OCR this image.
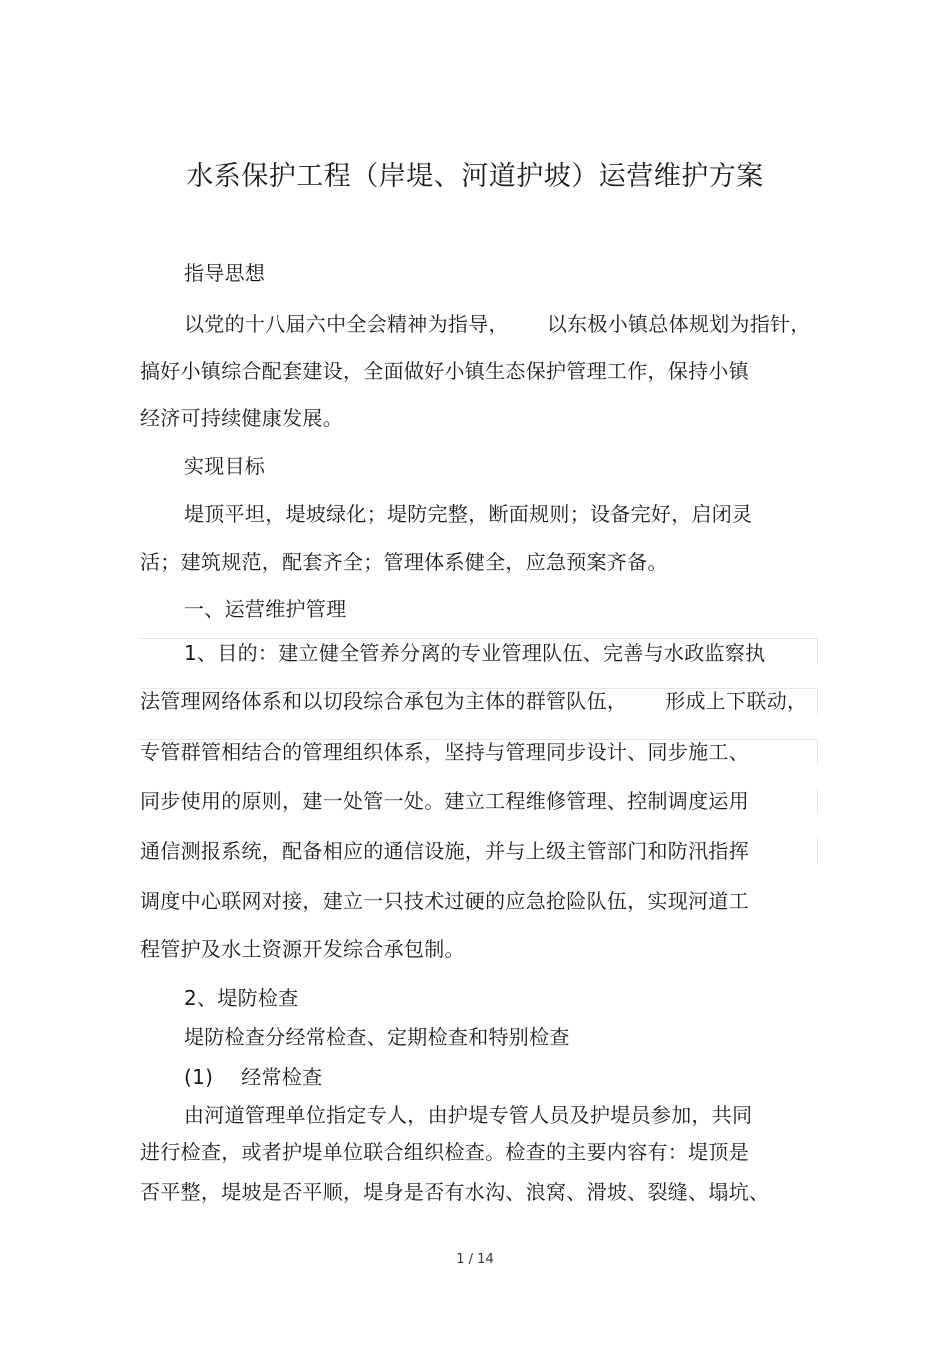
水系保护工程（岸堤、河道护坡）运营维护方案
指导思想
以党的十八届六中全会精神为指导， 以东极小镇总体规划为指针，
搞好小镇综合配套建设，全面做好小镇生态保护管理工作，保持小镇
经济可持续健康发展。
实现目标
堤顶平坦，堤坡绿化；堤防完整，断面规则；设备完好，启闭灵
活；建筑规范，配套齐全；管理体系健全，应急预案齐备。
一、运营维护管理
1、目的：建立健全管养分离的专业管理队伍、完善与水政监察执
法管理网络体系和以切段综合承包为主体的群管队伍， 形成上下联动，
专管群管相结合的管理组织体系，坚持与管理同步设计、同步施工、
同步使用的原则，建一处管一处。建立工程维修管理、控制调度运用
通信测报系统，配备相应的通信设施，并与上级主管部门和防汛指挥
调度中心联网对接，建立一只技术过硬的应急抢险队伍，实现河道工
程管护及水土资源开发综合承包制。
2、堤防检查
堤防检查分经常检查、定期检查和特别检查
(1) 经常检查
由河道管理单位指定专人，由护堤专管人员及护堤员参加，共同
进行检查，或者护堤单位联合组织检查。检查的主要内容有：堤顶是
否平整，堤坡是否平顺，堤身是否有水沟、浪窝、滑坡、裂缝、塌坑、
1 / 14
